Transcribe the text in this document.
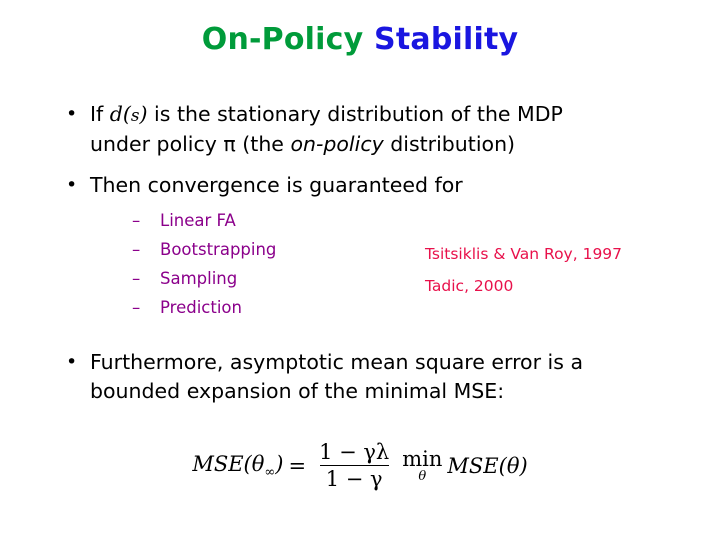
On-Policy Stability
• If d(s) is the stationary distribution of the MDP
under policy π (the on-policy distribution)
• Then convergence is guaranteed for
– Linear FA
– Bootstrapping
– Sampling
– Prediction
• Furthermore, asymptotic mean square error is a
bounded expansion of the minimal MSE:
Tsitsiklis & Van Roy, 1997
Tadic, 2000
$MSE(\theta_\infty) = \frac{1 - \gamma\lambda}{1 - \gamma}$ min
θ MSE(θ)
